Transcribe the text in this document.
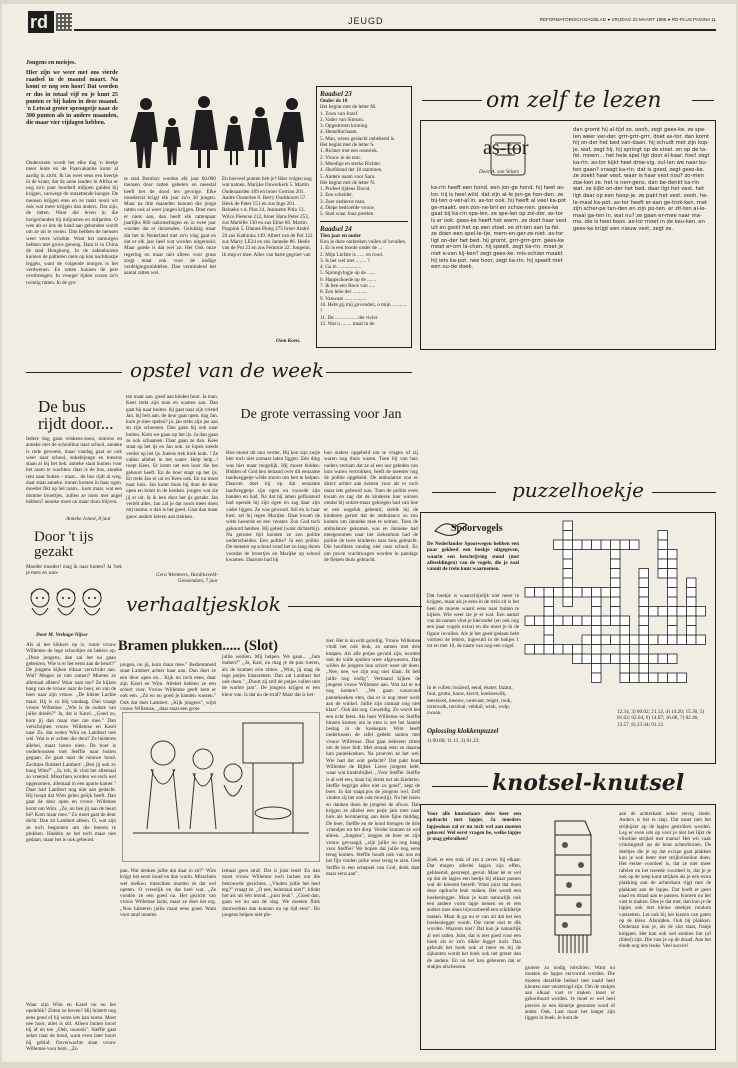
rd	JEUGD	REFORMATORISCH DAGBLAD ● VRIJDAG 22 MAART 1985 ● RD-PLUS PAGINA 11
Jongens en meisjes.
Hier zijn we weer met ons vierde raadsel in de maand maart. Na komt er nog een hoor! Dat worden er dus in totaal vijf en je kunt 25 punten er bij halen in deze maand. 'n Letwat groter sprongetje naar de 300 punten als in andere maanden, die maar vier vijdagen hebben.
Onderussen wordt het elke dag 'n beetje meer lente en de Paasvakantie komt al aardig in zicht. Ik las weer eens een keertje in de krant, dat de anne landen in Afrika er nog zo'n paar honderd miljoen gulden bij krijgen, vanwege de ontzettende honger. De mensen krijgen eten en ze raakt nooit wit ook wat meer krijgen dan anders. Dat zijn, de ratten. Want die leven in die hongerlanden bij miljoenen en miljarden. O wee als er iets de hand aan gebonden wordt om ze uit te roeien. Dan hebben de mensen weer verre windste. Want het natuurgen hebben met grove genoog. Daar is in China de stad Hongkong. In de zakenhuizen kunnen de paltieten niets op kan nachtkastje leggen, want de volgende morgen is het verdwenen. En ratten kunnen de pest overbrengen. In vroeger tijden waren zo'n twintig ratten. In de gro-
te stad Bombay worden elk jaar 60.000 mensen door ratten gebeten en meestal heeft het de dood ten gevolge. Elke moederrat krijgt elk jaar zo'n 30 jongen. Maar na drie maanden kunnen die jonge ratten ook al weer jongen krijgen. Doet men er niets aan, dan heeft elk rattenpaar jaarlijks 800 nakomelingen en in twee jaar worden dat er duizenden. Gelukkig maar dat het in Nederland met zo'n vlag gaat en dat er elk jaar heel wat worden uitgeroeid. Maar goede is dat wel zo. Het Ook onze regering nu maar niet alleen voor grass zorgt maar ook voor de nodige verdelgingsmiddelen. Dan verminderd het aantal ratten wel.
En hoeveel punten heb je? Hier volgen nog wat namen. Marijke Ouwerkerk 5. Martin Oudenaarden 189 en broer Gerrian 201. Andre Oosterlee 8. Berry Oudshoorn 57. Henk de Pater 151 en zus Inge 201. Reineke v.d. Plas 24. Jeannette Pitlo 13. Wilco Pieterse 212, broer Hans Peter 253, zus Mariëlle 130 en zus Eline 66. Martin Poppink 5. Dianne Ploeg 275 broer André 20 zus Kathinka 149. Albert van de Pol 122 zus Marry LE24 en zus Janneke 86. Hedie van de Put 23 en zus Femmie 22. Jongelui, ik stop er mee. Alles van harte gegroet van
Oom Koen.
Raadsel 23
Onder de 10
Het begint met de letter M.
1. Zoon van Jozef.
2. Vader van Simson.
3. Opgedroten kroning.
4. Hemelhichaam.
5. Man, wiens geslacht onbekend is.
Het begint met de letter S.
1. Richter met een ossestok.
2. Vrouw in de tent.
3. Moedige en sterke Richter.
4. Hoofdstad der 10 stammen.
5. Andere naam voor Sara.
Het begint met de letter N.
1. Profeet tijdens David.
2. Een scheider.
3. Zeer nedierne man.
4. Diepe bedroefde vrouw.
5. Stad waar Jona preekte.
Raadsel 24
Tien jaar en ouder
Kun je deze ontbreken vullen of invullen.
1. Er is een mooie onder de ...
2. Mijn Liefste is ...... en rood.
3. Is het wel met ........ ?
4. Ga in ..................
5. Sprongvlugje op de ......
6. Happschoede op de .......
7. Ik ben een Roos van .....
8. Een lelie der ...........
9. Vanwaar .................
10. Hebt gij mij govonden, o mijn ............ ?
11. De ................. der rivier.
12. Wat u ........ maal in de
om zelf te lezen
as-tor
Door A. van Velzen
ka-rin heeft een hond. een jon-ge hond. hij heet as-tor. hij is heel wild. dat zijn al-le jon-ge hon-den. ze bij-ten o-ver-al in. as-tor ook. hij heeft al veel ka-pot ge-maakt. een zon-ne-bril en schoe-nen. gees-ke gaat bij ka-rin spe-len. ze spe-len op zol-der. as-tor is er ook. gees-ke heeft het warm. ze doet haar vest uit en gooit het op een stoel. ze zit-ten aan ta-fel. ze doen een spel-le-tje. mem-en-ger-ze-niet. as-tor ligt on-der het bed. hij gromt. grrr-grrr-grrr. gees-ke moet er-om la-chen. hij speelt, zegt ka-rin. moet je niet e-ven kij-ken? zegt gees-ke. mis-schien maakt hij iets ka-pot. nee hoor, zegt ka-rin. hij speelt met een ou-de doek.
dan gromt hij al-tijd zo. oooh, zegt gees-ke. ze spe-len weer ver-der. grrr-grrr-grrr, doet as-tor. dan komt hij on-der het bed van-daan. hij schudt met zijn kop-je. waf, zegt hij. hij springt op de stoel. en op de ta-fel. moem... het hele spel ligt door el-kaar. foei! zegt ka-rin. as-tor kijkt heel droe-vig. zul-len we naar bu-ten gaan? vraagt ka-rin. dat is goed, zegt gees-ke. ze zoekt haar vest. waar is haar vest nou? zo-men zoe-ken ze. het is nerr-gens. dan be-denkt ka-rin wat. ze kijkt on-der het bed. daar ligt het vest. het ligt daar op een hoop-je. ze pakt het vest. oooh, he-le-maal ka-pot. as-tor heeft er-aan ge-trok-ken. met zijn scher-pe tan-den en zijn po-ten. er zit-ten al-le-maal ga-ten in. wat nu? ze gaan er-mee naar ma-ma. die is heel boos. as-tor moet in de keu-ken. en gees-ke krijgt een nieuw vest, zegt ze.
opstel van de week
De bus rijdt door...
Iedere dag gaan reiskeus-zoen, tourons en anneke met de schoolbus naar school, anneke is rede gewoest, maar vandag gaat ze ook weer naar school, enkelejonge en toeuros staan al bij het hek. anneke staat bumen voor het raam te wachten. daar is de bus, anneke rent naar buiten - maar... de bus rijdt al weg. daar staat anneke. tranen komen in haar ogen. moeder fikt op het raam... kom maar. wat een domme broertjes, zullen ze niets met angel hebben? anneke moet nu maar thuis blijven.
Anneke Jonest, 8 jaar
Door 't ijs gezakt
Moeder moeder! mag ik naar buiten? Ja ?rek je mets en wan-
ten maar aan. goed aan kleden hoor. Ja man. Kees trekt zijn man en wanten aan. Dan gaat hij naar buiten. hij gaat naar zijn vriend Jan. hij belt aan. de deur gaat open. dag Jan. kom je mee spelen? ja. jan trekt zijn jas aan en zijn schoenen. Dan gaan hij ook naar buiten. Kom we gaan op het ijs. Ja dan gaan ze ook schaatsen. Daar gaan ze dan. Kees staat op het ijs en Jan ook. ze lopen steeds verder op het ijs. Ineens trek krek krak. ! Ze vallen allebei in het water. Help help...! roept Kees. Er komt net een boer die het gehoort heeft. En de boer stapt op het ijs. En trekt Jan er uit en Kees ook. En nu moet naar huis. Jan komt thuis hij doet de deur open en komt in de keuken. jongen wat zie jij er uit. ik ik ben door het ijs gezakt. Jan vertelt alles. Jan zal je dat nooit meer doen mij mama. o dan is het goed. Gaat dan maar gauw andere kleren aan trekken.
Gera Wemmers, Hardinxveld-Giessendam, 7 jaar
De grote verrassing voor Jan
Hoe moest dit nou verder, Hij kon zijn zusje hier toch niet zomaar laten liggen. Eén ding was hier maar mogelijk. Hij moest bidden. Bidden of God hen iemand over dit eenzame landweggetje wilde sturen om hen te helpen. Daarom doet hij op dat eenzame landweggetje zijn ogen en vouwde zijn handen en bad. Na dat hij amen gefluisterd had opende hij zijn ogen en zag daar zijn vader liggen. Ze was gewond. Stil en in haar kust, zei hij tegen Marijke. Daar kwam de witte hoeorde en een venster. Zou God toch gehoord hebben. Hij gebed (want dichterbij). Na gerume tijd konden ze zen politie onderscheiden. Een politie? Ja een politie. De meester op school vond het zo lang duren voordat de broertjes en Marijke op school kwamen. Daarom had hij
hun ouders opgebeld om te vragen of zij waren nog thuis waren. Toen bij van hun ouders vernam dat ze al een uur geleden van huis waren vertrokken, heeft de meester nog de politie opgebeld. De ambulance zou er direct achter aan komen voor als er toch maar iets gebeurd was. Toen de politie even kwam en zag dat de kinderen hier warsen omdat hij ontzet-maar gekregen had van hoe er een ongeluk gebeurd, stelde hij de kinderen gerust dat de ambulance zo zou komen om Janneke mee te nemen. Toen de ambulance gekomen was en Janneke had meegenomen naar het ziekenhuis had de politie de twee kinderen naar huis gebracht. Die hoofdzes vandag niet naar school. En om pra-te vrachtwagen worden in pandags de fietsen thuis gebracht.
verhaaltjesklok
Door M. Verhage-Nijsse
Als al het kikkers op is, runnt vrouw Willemse de lege schooltjes en bekers op. ,,Deze jongens, dan zal het nu gaan gebeuren. Wie is er het eerst aan de beurt?" De jongens kijken elkaar verschrikt aan. Wat? Mogen ze niet samen? Moeten ze allemaal alleen? Waar naar toe? Ze kijken bang van de vrouw naar de boer, en van de boer naar zijn vrouw. ,,De kleine Lachie maar. Hij is zo blij vandaag. Dan vraagt vrouw Willemse: ,,Wie is de oudste van jullie drieën?" Ja, dat is Karel. ,,Goed zo, kom jij dan maar met me mee." Dan verschrijnen vrouw Willemse en Karel naar Za. dat weten Wim en Lambert ook wel. Wat is er achter die deur? Ze luisteren allebei, maar horen niets. De boer is onderhoussen met Steffie naar buiten gegaan. Ze gaan naar de nieuwe hond. Zachtjes fluistert Lambert: ,,Ben jij ook zo bang Wim?" ,,Ja, toh, ik vind het allemaal zo vreemd. Misschien worden we toch wel opgenomen, allemaal in een aparte kamer." Daar had Lambert nog niet aan gedacht. Hij hoopt dat Wim gelen gelijk heeft. Dan gaat de deur open en vrouw Willemse komt om Wim. ,,Ze, nu ben jij aan de beurt hé? Kom maar mee." Zo moet gaat de deur dicht. Dan zit Lambert alleen. O, wat zijn ze toch begonnen om die boeren te plukken. Hadden ze het toch maar niet gedaan, maar het is ook gebeurd.
Waar zijn Wim en Karel nu nu het opeinhik? Zitten ze boven? Hij luistert nog eens goed of hij soms iets kan horen. Moet nee hoor, alles is stil. Alleen buiten hoort hij af en toe ,,Oeh, oooooh". Steffie gaat zeker naar de hond, want even later hoort hij geblaf. Onverwachts staat vrouw Willemse voor hem. ,,Zo
Bramen plukken..... (Slot)
jongen, nu jij, kom maar mee." Bedremmeld staat Lambert achter haar aan. Dan doet ze een deur open en... Kijk nu toch eens, daar zijn Karel en Wim. Allebei hebben ze een schort voor. Vrouw Willemse geeft hem er ook een. ,,Zo en nu goed je handen wassen." Ook dat doet Lambert. ,,Kijk jongens", wijst vrouw Willemse, ,,daar staat een grote
jullie werken. Mij helpen. We gaan... ,,Jam maken?" ,,Ja, Karl, nu mag je de pan roeren, als de bramen erin zitten. ,,Wim, jij mag de lege potjes klaarzetten. Dan zal Lambert het ook doen." ,,Duurt zij zelf de potjes vullen met de warme jam". De jongens krijgen er een kleur van. Is dat nu de straf? Maar dat is hei-
pan. Wat denken jullie dat daar in zit?" Wim krijgt het eerst koud en dan warm. Misschien wel inelkeo. misschien moeten ze dat wel opeten. O vreselijk en dat heel wat. ,,Ze vonden ze een goed na. Het gezicht van vrouw Willemse lacht, maar ze doet het erg. ,,Nou luisteren jullie maar eens goed. Want voor straf moeten
lemaal geen straf. Dat is juist leuk! En dan moet vrouw Willemse toch lachen om die betrouwde gezichtes. ,,Vinden jullie het heel erg?" vraagt ze. ,,O nee, helemaal niet!", klinkt het als uit één mond. ,,juist leuk". ,,Goed dan, gaan we nu aan de slag. We moeten flink doorwerken dan kunnen nu op tijd eten". Do jongens helpen met ple-
zier. Het is nu echt gezellig. Vrouw Willemse vindt het ook leuk, zo samen met drie knapen. Als alle potjes gevuld zijn, worden ook de vuile spullen weer afgewassen. Dan willen de jongens hun schort weer uit doen. ,,Nee, nee, we zijn nog niet klaar. Ik heb jullie nog nodig". Verbaasd kijken de jongens vrouw Willemse aan. Wat zal er nu nog komen?. ,,We gaan vanavond pannekoeken eten, dus er is nog meer werk aan de winkel. Jullie zijn zomaar nog niet klaar". Ook dat nog. Geweldig. Zo wordt het een echt feest. Als boer Willemse en Steffie binnen komen om te eten is net het laatste beslag in de koekepan. Wim heeft ondertussen de tafel gedekt samen met vrouw Willemse. Dan gaat iedereen zitten om de boer bidt. Met smaak eten ze daarna hun pannekoeken. Na proeven ze het wel. Wie had dat ooit gedacht? Dat pakt boer Willemse de Bijbel. Lieve jongens hebt, waar wat kinderbijbel. ,,Voor Steffie. Steffie is al wel een, maar hij denkt net als kinderen. Steffie begrijpt alles niet zo goed", zegt de boer. Ja dat snapt.pos de jongens wel. Zelf vinden zij het ook ook mooi(ij). Na het lezen en danken doen de jongens de afwas. Dan krijgen ze allebei een potje jam mee naar huis als herinnering aan deze fijne middag. De boer, Steffie en de hond brengen de drie vriendjes tot het dorp. Verder kunnen ze wel alleen. ,,Jongens", zeggen de boer en zijn vrouw gevraagd, ,,zijn jullie nu nog bang voor Steffie? We hopen dat jullie nog eens terug komen. Steffie houdt ook van ons en het fijn vinden jullie weer terug te zien. Ook Steffie is een schepsel van God, denk daar maar eens aan".
puzzelhoekje
Spoorvogels
De Nederlandse Spoorwegen hebben een paar gekleed een boekje uitgegeven, waarin een beschrijving stond (met afbeeldingen) van de vogels, die je zoal vanuit de trein kunt waarnemen.
Dat boekje is waarschijnlijk niet meer te krijgen, maar als je eens in de trein zit is het heel de moeite waard eens naar buiten te kijken. Wie weet zie je er wat. Een aantal van de namen vind je hieronder (en ook nog een paar vogels extra) en die moet je in de figuur invullen. Als je het goed gedaan hebt vormen de letters, ingevuld in de hokjes 1 tot en met 10, de naam van nog een vogel.
In te vullen: buizerd, eend, ekster, fazant, fuut, grutto, kauw, kievit, koekoewilk, meerkoet, meeuw, ooievaar, reiger, rook, torenvalk, turuluur, velduil, wink, wulp, zwaan.
Oplossing klokkenpuzzel
1) 00.00; 11.11, 2) 01.23;
12.34, 3) 00.02; 21.12, 4) 14.20; 15.30, 5) 01.02; 02.04, 6) 14.07; 16.08, 7) 02.46; 13.57, 8) 23.34; 01.12.
knotsel-knutsel
Voor alle knutselaars deze keer een opdracht met lapjes. Ja moeders lapjesdoos zal er nu toch wel aan moeten geloven! Wel eerst vragen he, welke lapjes je mag gebruiken?
Zoek er een stuk of zes à zeven bij elkaar. Dat mogen allerlei lapjes zijn effen, gebloemd, gestreept, geruit. Maar let er wel op dat de lapjes een beetje bij elkaar passen wat de kleuren betreft. Want juist dat moet deze opdracht leuk maken. Het wordt een boekenlegger. Maar je kunt natuurlijk ook een andere vorm lapje nemen en er iets anders mee doen bijvoorbeeld een schildertje maken. Maar ik ga nu er van uit dat het een boekenlegger wordt. Die moet niet te dik worden. Waarom niet? Dat kun je natuurlijk al wel raden. Juist, dat is niet goed voor een boek als er zo'n dikke legger inzit. Dan gebruik het boek ook al meer en bij de zijkanten wordt het boek ook net groter dan de andere. En nu het kan gebeuren dat er stukjes afscheuren.	grotere zo nodig mischien. Want nu moeten de lapjes vervormd worden. Die moeten dezelfde bedoel met naald heel kleuren met verstevigd zijn. Om de stukjes aan elkaar vast te maken moet er geborduurd worden. Je moet er wel heel precies ze een kleurtje genomen word of ander. Ook. Laat maar het langer zijn liggen in boek. Je kunt de
aan de achterkant zeker stevig slotte. Anders is het te slap. Dat moet met het strijkijzer op de lapjes geströken worden. Leg er even iets op voor je niet het lijkt de vliseline strijkel met mama! Het wit vaak vriezingstof op de bout achterbroien. De deeltjes die je op dat excipe gaat plakken kun je ook beter met strijkvliseline doen. Het eerste voordeel is, dat ze niet meer rafelen en het tweede voordeel is, dat je je ook op de zeep kunt strijken als je een extra plakking aan de achterkant rijgt met de plakkant aan de lapjes. Dat hoeft er geen naad en draad aan te passen. Komen nu het vast te maken. Doe je dat met, dan kun je de lapjes ook met kleine steekjes rondom vastzetten. Let ook bij het kiezen van gaten op de kleur. Afsnijden. Ook bij plakken. Onderaan kun je, als de slot staat, franje knippen. Het kan ook wel stroken lint (of ribbel) zijn. Die vast je op de draad. Aan het einde nog iets leuks. Veel succes!
